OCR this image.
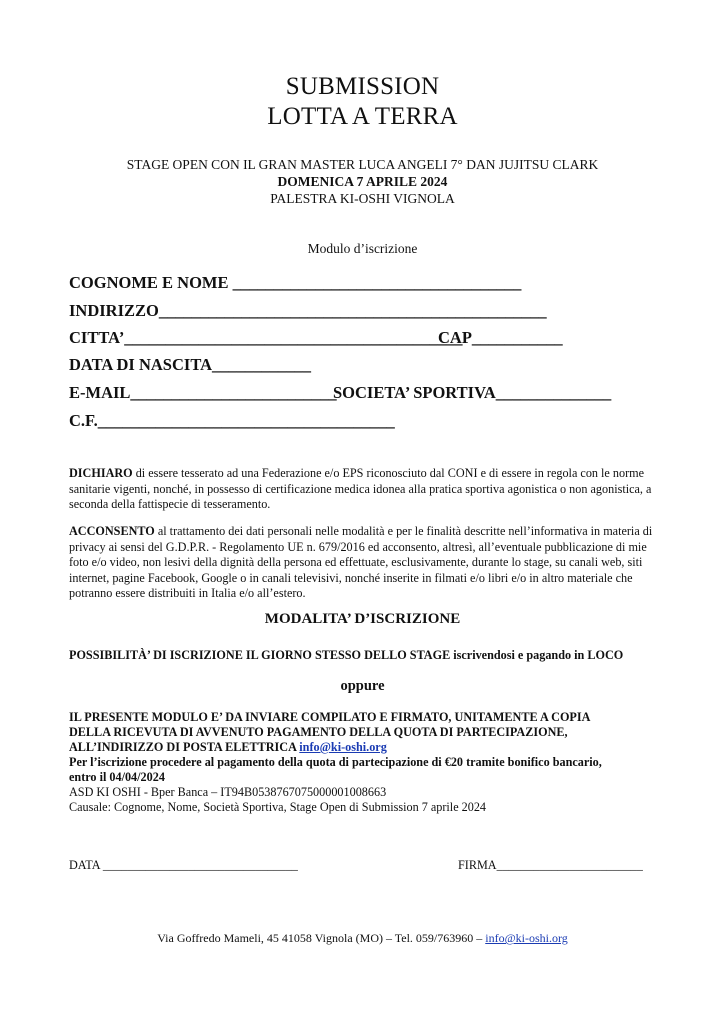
SUBMISSION
LOTTA A TERRA
STAGE OPEN CON IL GRAN MASTER LUCA ANGELI 7° DAN JUJITSU CLARK
DOMENICA 7 APRILE 2024
PALESTRA KI-OSHI VIGNOLA
Modulo d’iscrizione
COGNOME E NOME ___________________________________
INDIRIZZO_______________________________________________
CITTA’_________________________________________
CAP___________
DATA DI NASCITA____________
E-MAIL_________________________
SOCIETA’ SPORTIVA______________
C.F.____________________________________
DICHIARO di essere tesserato ad una Federazione e/o EPS riconosciuto dal CONI e di essere in regola con le norme sanitarie vigenti, nonché, in possesso di certificazione medica idonea alla pratica sportiva agonistica o non agonistica, a seconda della fattispecie di tesseramento.
ACCONSENTO al trattamento dei dati personali nelle modalità e per le finalità descritte nell’informativa in materia di privacy ai sensi del G.D.P.R. - Regolamento UE n. 679/2016 ed acconsento, altresì, all’eventuale pubblicazione di mie foto e/o video, non lesivi della dignità della persona ed effettuate, esclusivamente, durante lo stage, su canali web, siti internet, pagine Facebook, Google o in canali televisivi, nonché inserite in filmati e/o libri e/o in altro materiale che potranno essere distribuiti in Italia e/o all’estero.
MODALITA’ D’ISCRIZIONE
POSSIBILITÀ’ DI ISCRIZIONE IL GIORNO STESSO DELLO STAGE iscrivendosi e pagando in LOCO
oppure
IL PRESENTE MODULO E’ DA INVIARE COMPILATO E FIRMATO, UNITAMENTE A COPIA
DELLA RICEVUTA DI AVVENUTO PAGAMENTO DELLA QUOTA DI PARTECIPAZIONE,
ALL’INDIRIZZO DI POSTA ELETTRICA info@ki-oshi.org
Per l’iscrizione procedere al pagamento della quota di partecipazione di €20 tramite bonifico bancario,
entro il 04/04/2024
ASD KI OSHI - Bper Banca – IT94B0538767075000001008663
Causale: Cognome, Nome, Società Sportiva, Stage Open di Submission 7 aprile 2024
DATA ________________________________	FIRMA________________________
Via Goffredo Mameli, 45 41058 Vignola (MO) – Tel. 059/763960 – info@ki-oshi.org
